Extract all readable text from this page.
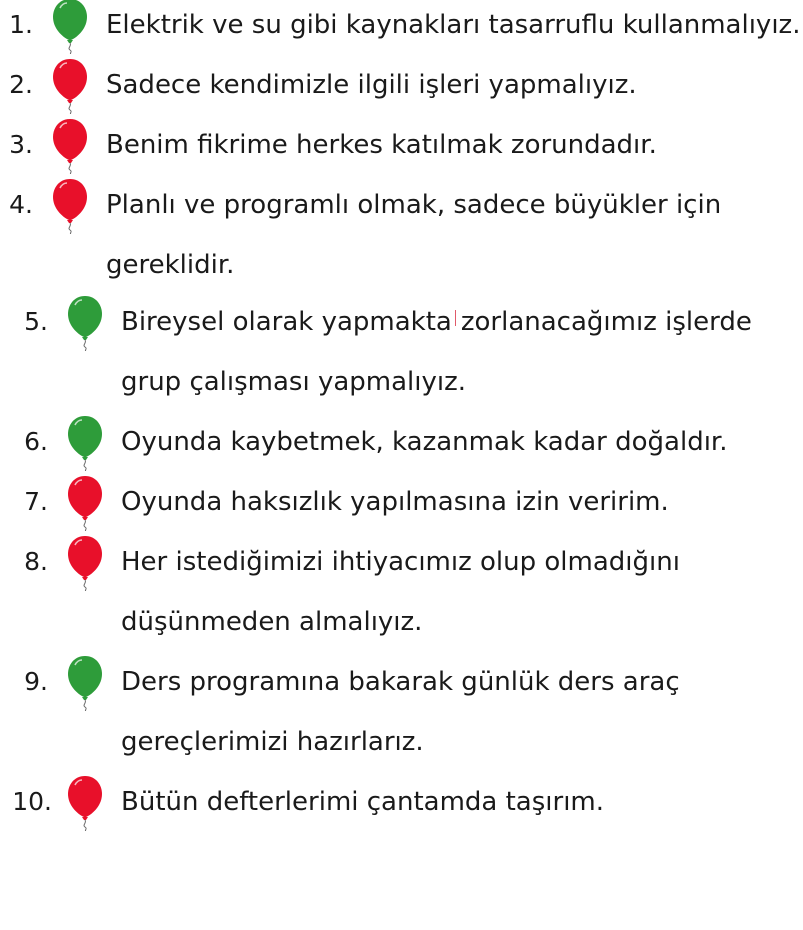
1.	Elektrik ve su gibi kaynakları tasarruflu kullanmalıyız.
2.	Sadece kendimizle ilgili işleri yapmalıyız.
3.	Benim fikrime herkes katılmak zorundadır.
4.	Planlı ve programlı olmak, sadece büyükler için
gereklidir.
5.	Bireysel olarak yapmakta zorlanacağımız işlerde
grup çalışması yapmalıyız.
6.	Oyunda kaybetmek, kazanmak kadar doğaldır.
7.	Oyunda haksızlık yapılmasına izin veririm.
8.	Her istediğimizi ihtiyacımız olup olmadığını
düşünmeden almalıyız.
9.	Ders programına bakarak günlük ders araç
gereçlerimizi hazırlarız.
10.	Bütün defterlerimi çantamda taşırım.
